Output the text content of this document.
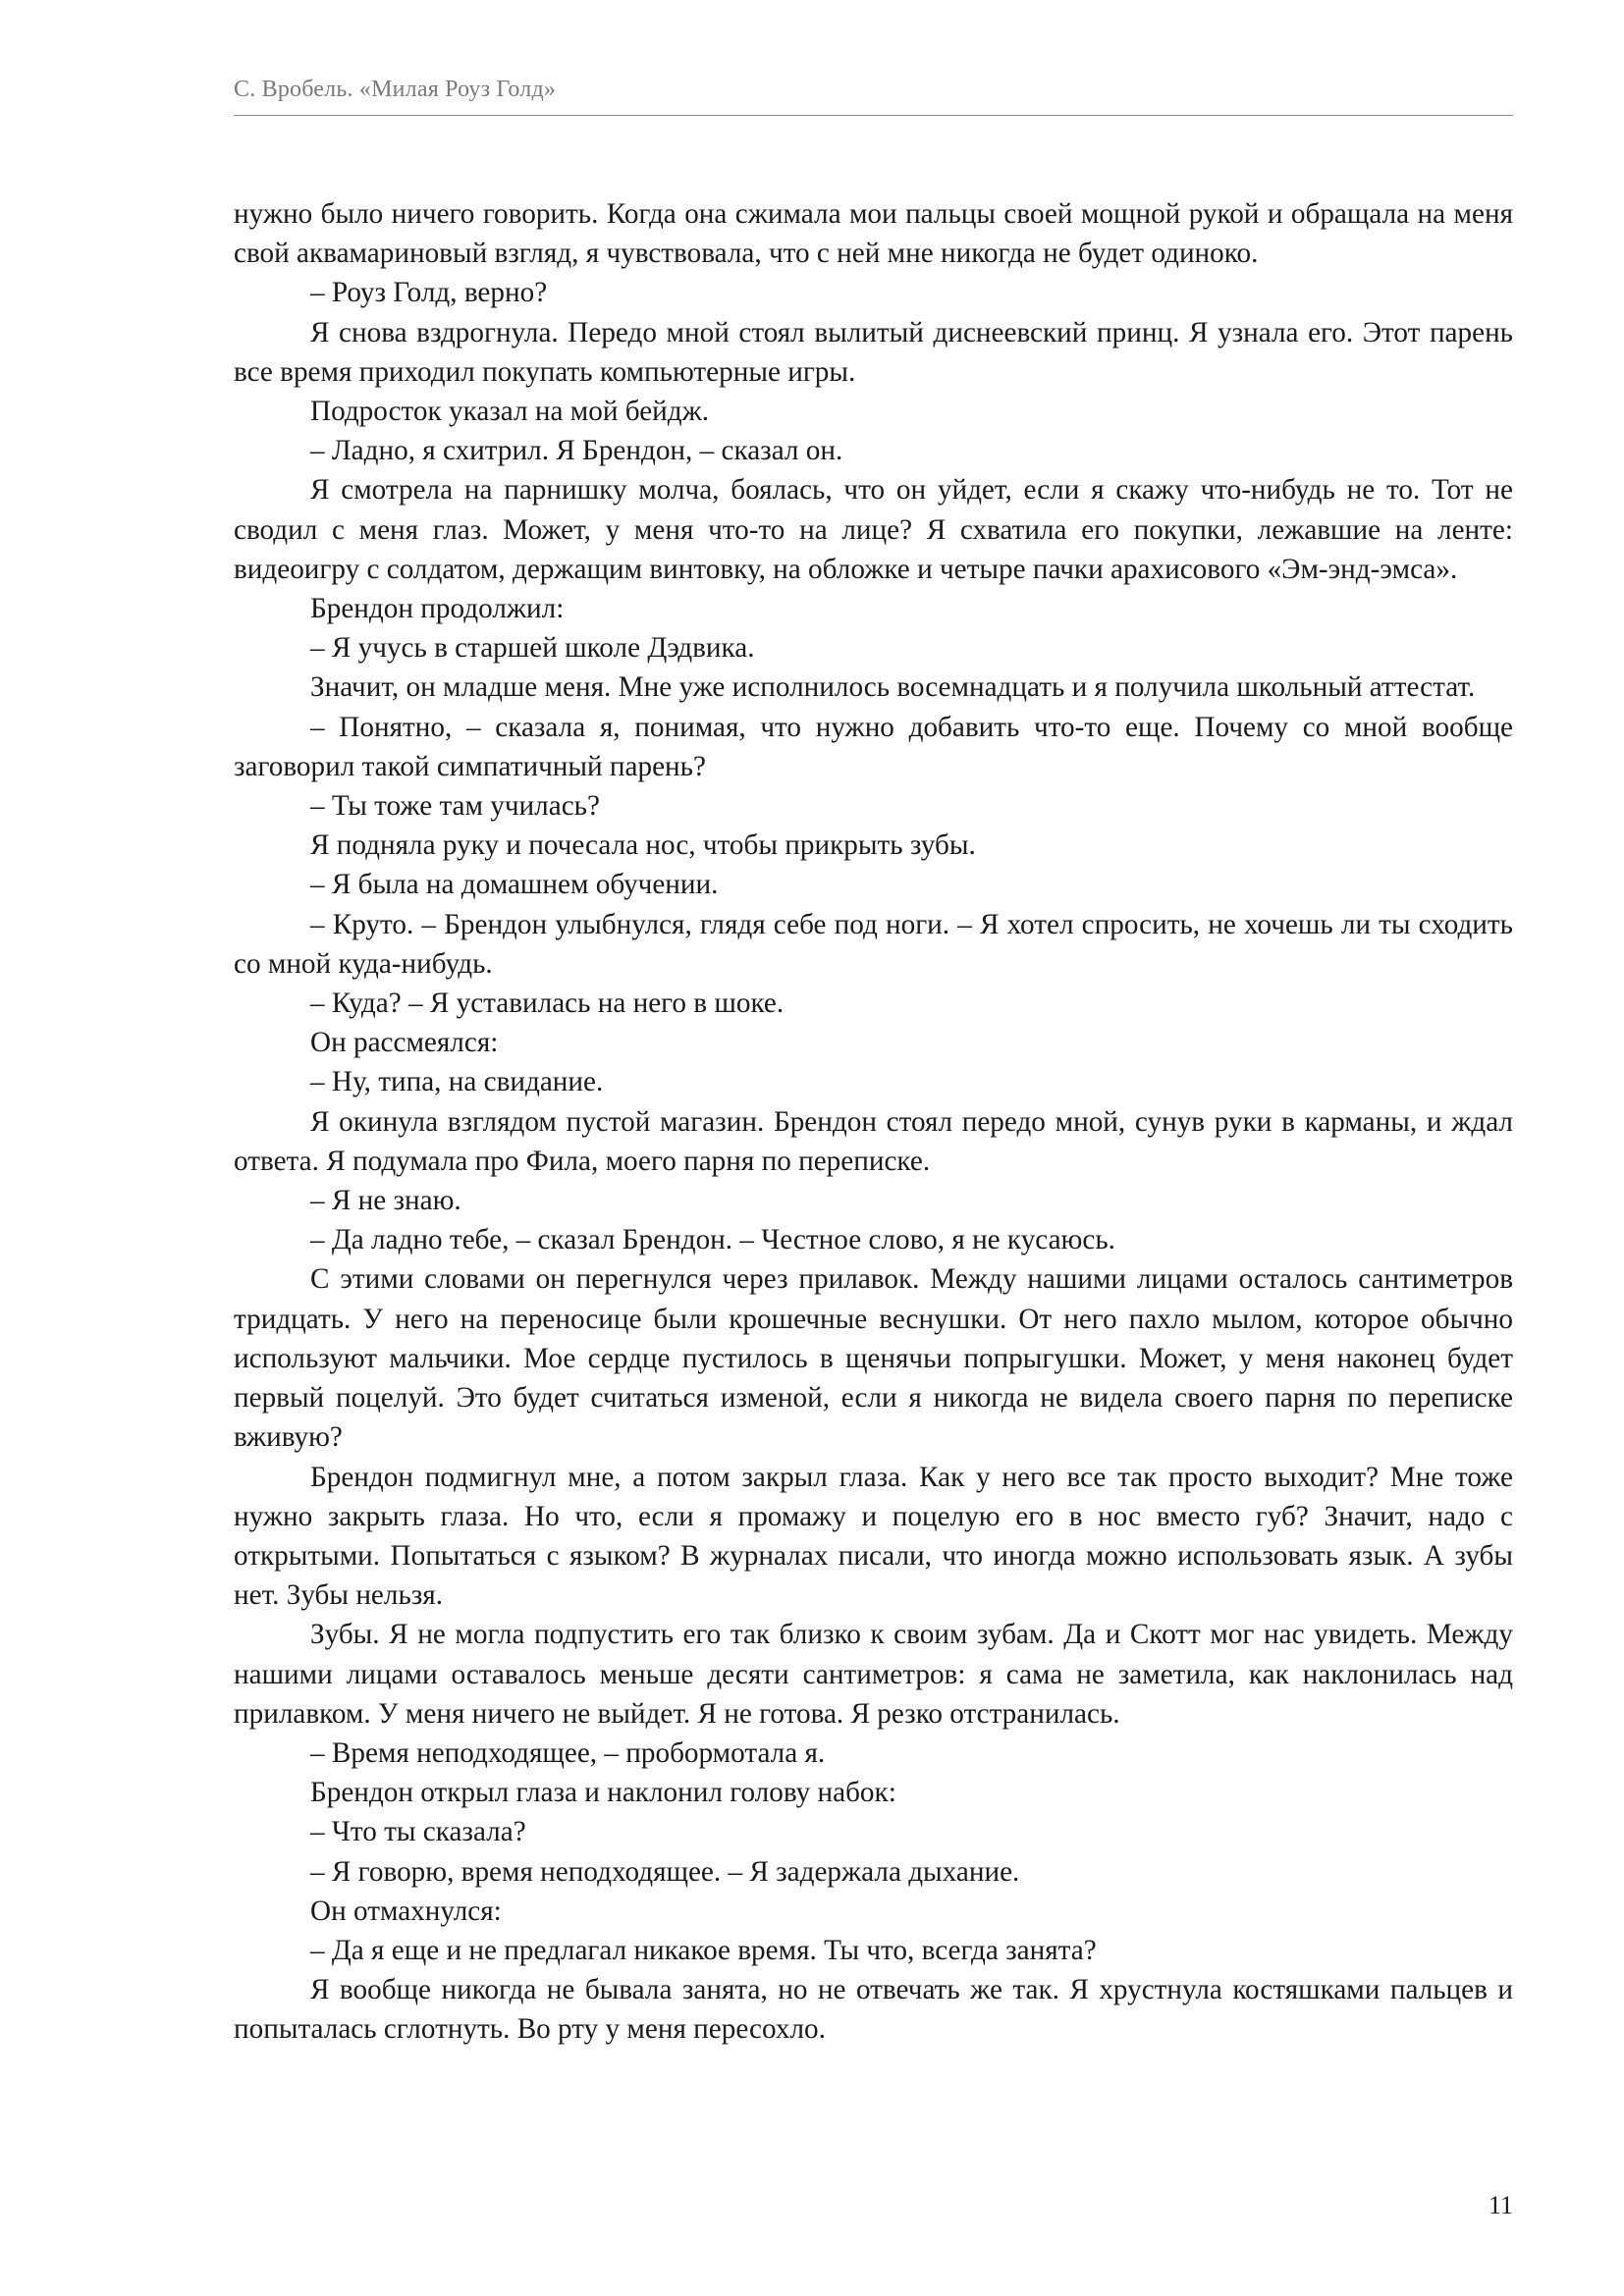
С. Вробель. «Милая Роуз Голд»

нужно было ничего говорить. Когда она сжимала мои пальцы своей мощной рукой и обращала на меня свой аквамариновый взгляд, я чувствовала, что с ней мне никогда не будет одиноко.

– Роуз Голд, верно?

Я снова вздрогнула. Передо мной стоял вылитый диснеевский принц. Я узнала его. Этот парень все время приходил покупать компьютерные игры.

Подросток указал на мой бейдж.

– Ладно, я схитрил. Я Брендон, – сказал он.

Я смотрела на парнишку молча, боялась, что он уйдет, если я скажу что-нибудь не то. Тот не сводил с меня глаз. Может, у меня что-то на лице? Я схватила его покупки, лежавшие на ленте: видеоигру с солдатом, держащим винтовку, на обложке и четыре пачки арахисового «Эм-энд-эмса».

Брендон продолжил:

– Я учусь в старшей школе Дэдвика.

Значит, он младше меня. Мне уже исполнилось восемнадцать и я получила школьный аттестат.

– Понятно, – сказала я, понимая, что нужно добавить что-то еще. Почему со мной вообще заговорил такой симпатичный парень?

– Ты тоже там училась?

Я подняла руку и почесала нос, чтобы прикрыть зубы.

– Я была на домашнем обучении.

– Круто. – Брендон улыбнулся, глядя себе под ноги. – Я хотел спросить, не хочешь ли ты сходить со мной куда-нибудь.

– Куда? – Я уставилась на него в шоке.

Он рассмеялся:

– Ну, типа, на свидание.

Я окинула взглядом пустой магазин. Брендон стоял передо мной, сунув руки в карманы, и ждал ответа. Я подумала про Фила, моего парня по переписке.

– Я не знаю.

– Да ладно тебе, – сказал Брендон. – Честное слово, я не кусаюсь.

С этими словами он перегнулся через прилавок. Между нашими лицами осталось сантиметров тридцать. У него на переносице были крошечные веснушки. От него пахло мылом, которое обычно используют мальчики. Мое сердце пустилось в щенячьи попрыгушки. Может, у меня наконец будет первый поцелуй. Это будет считаться изменой, если я никогда не видела своего парня по переписке вживую?

Брендон подмигнул мне, а потом закрыл глаза. Как у него все так просто выходит? Мне тоже нужно закрыть глаза. Но что, если я промажу и поцелую его в нос вместо губ? Значит, надо с открытыми. Попытаться с языком? В журналах писали, что иногда можно использовать язык. А зубы нет. Зубы нельзя.

Зубы. Я не могла подпустить его так близко к своим зубам. Да и Скотт мог нас увидеть. Между нашими лицами оставалось меньше десяти сантиметров: я сама не заметила, как наклонилась над прилавком. У меня ничего не выйдет. Я не готова. Я резко отстранилась.

– Время неподходящее, – пробормотала я.

Брендон открыл глаза и наклонил голову набок:

– Что ты сказала?

– Я говорю, время неподходящее. – Я задержала дыхание.

Он отмахнулся:

– Да я еще и не предлагал никакое время. Ты что, всегда занята?

Я вообще никогда не бывала занята, но не отвечать же так. Я хрустнула костяшками пальцев и попыталась сглотнуть. Во рту у меня пересохло.

11
